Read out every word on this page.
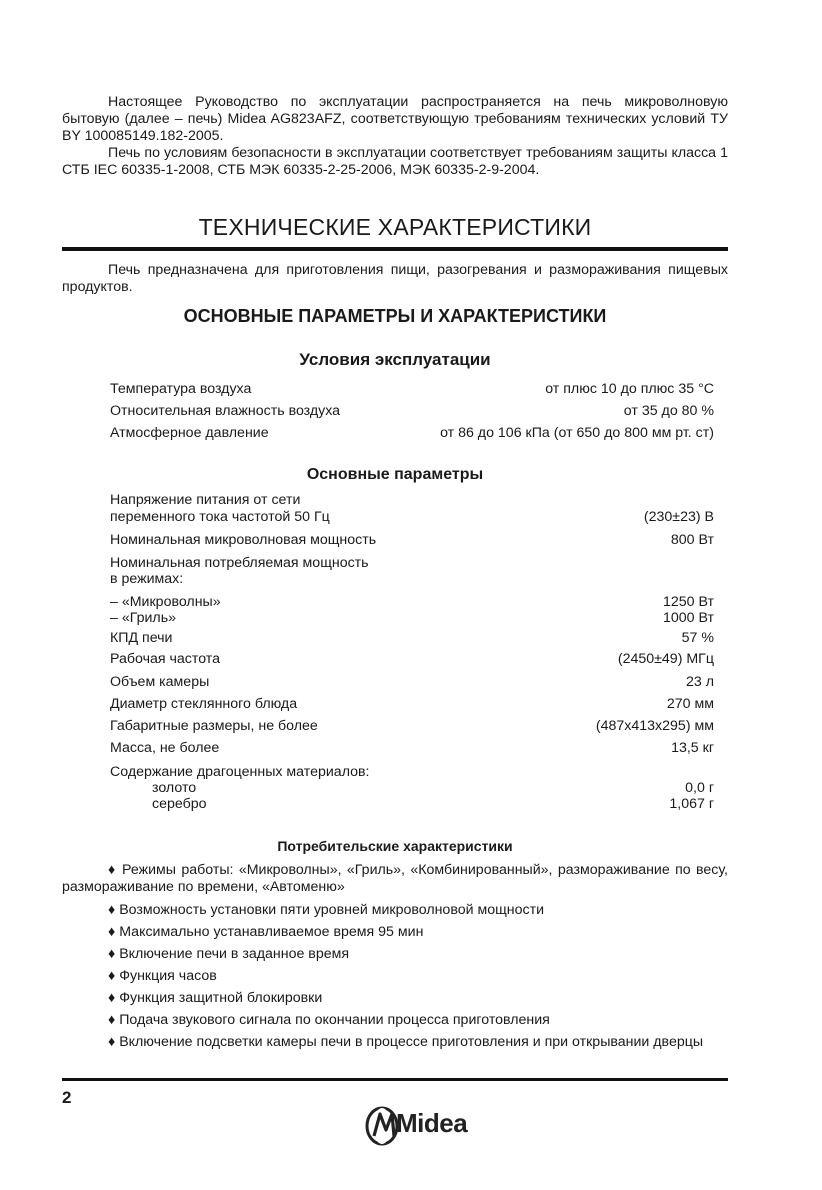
Настоящее Руководство по эксплуатации распространяется на печь микроволновую бытовую (далее – печь) Midea AG823AFZ, соответствующую требованиям технических условий ТУ BY 100085149.182-2005.

Печь по условиям безопасности в эксплуатации соответствует требованиям защиты класса 1 СТБ IEC 60335-1-2008, СТБ МЭК 60335-2-25-2006, МЭК 60335-2-9-2004.

ТЕХНИЧЕСКИЕ ХАРАКТЕРИСТИКИ

Печь предназначена для приготовления пищи, разогревания и размораживания пищевых продуктов.

ОСНОВНЫЕ ПАРАМЕТРЫ И ХАРАКТЕРИСТИКИ
Условия эксплуатации
Температура воздуха	от плюс 10 до плюс 35 °С
Относительная влажность воздуха	от 35 до 80 %
Атмосферное давление	от 86 до 106 кПа (от 650 до 800 мм рт. ст)
Основные параметры
Напряжение питания от сети
переменного тока частотой 50 Гц	(230±23) В
Номинальная микроволновая мощность	800 Вт
Номинальная потребляемая мощность
в режимах:
– «Микроволны»	1250 Вт
– «Гриль»	1000 Вт
КПД печи	57 %
Рабочая частота	(2450±49) МГц
Объем камеры	23 л
Диаметр стеклянного блюда	270 мм
Габаритные размеры, не более	(487х413х295) мм
Масса, не более	13,5 кг
Содержание драгоценных материалов:
золото	0,0 г
серебро	1,067 г
Потребительские характеристики

♦ Режимы работы: «Микроволны», «Гриль», «Комбинированный», размораживание по весу, размораживание по времени, «Автоменю»

♦ Возможность установки пяти уровней микроволновой мощности
♦ Максимально устанавливаемое время 95 мин
♦ Включение печи в заданное время
♦ Функция часов
♦ Функция защитной блокировки
♦ Подача звукового сигнала по окончании процесса приготовления

♦ Включение подсветки камеры печи в процессе приготовления и при открывании дверцы

2
Midea
